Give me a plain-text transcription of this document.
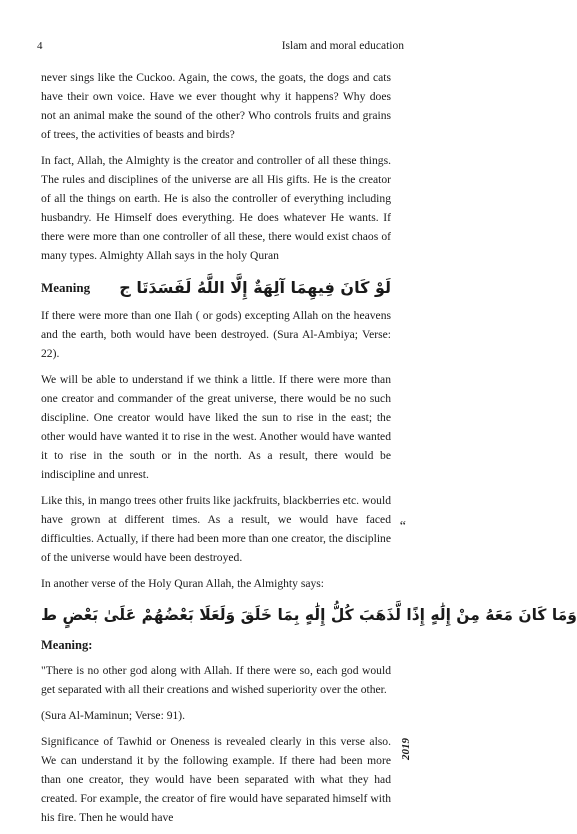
4	Islam and moral education

never sings like the Cuckoo. Again, the cows, the goats, the dogs and cats have their own voice. Have we ever thought why it happens? Why does not an animal make the sound of the other? Who controls fruits and grains of trees, the activities of beasts and birds?

In fact, Allah, the Almighty is the creator and controller of all these things. The rules and disciplines of the universe are all His gifts. He is the creator of all the things on earth. He is also the controller of everything including husbandry. He Himself does everything. He does whatever He wants. If there were more than one controller of all these, there would exist chaos of many types. Almighty Allah says in the holy Quran

Meaning لَوْ كَانَ فِيهِمَا آلِهَةٌ إِلَّا اللَّهُ لَفَسَدَتَا ج

If there were more than one Ilah ( or gods) excepting Allah on the heavens and the earth, both would have been destroyed. (Sura Al-Ambiya; Verse: 22).

We will be able to understand if we think a little. If there were more than one creator and commander of the great universe, there would be no such discipline. One creator would have liked the sun to rise in the east; the other would have wanted it to rise in the west. Another would have wanted it to rise in the south or in the north. As a result, there would be indiscipline and unrest.

Like this, in mango trees other fruits like jackfruits, blackberries etc. would have grown at different times. As a result, we would have faced difficulties. Actually, if there had been more than one creator, the discipline of the universe would have been destroyed.

In another verse of the Holy Quran Allah, the Almighty says:

وَمَا كَانَ مَعَهُ مِنْ إِلَٰهٍ إِذًا لَّذَهَبَ كُلُّ إِلَٰهٍ بِمَا خَلَقَ وَلَعَلَا بَعْضُهُمْ عَلَىٰ بَعْضٍ ط

Meaning:

"There is no other god along with Allah. If there were so, each god would get separated with all their creations and wished superiority over the other.

(Sura Al-Maminun; Verse: 91).

Significance of Tawhid or Oneness is revealed clearly in this verse also. We can understand it by the following example. If there had been more than one creator, they would have been separated with what they had created. For example, the creator of fire would have separated himself with his fire. Then he would have

“
2019
